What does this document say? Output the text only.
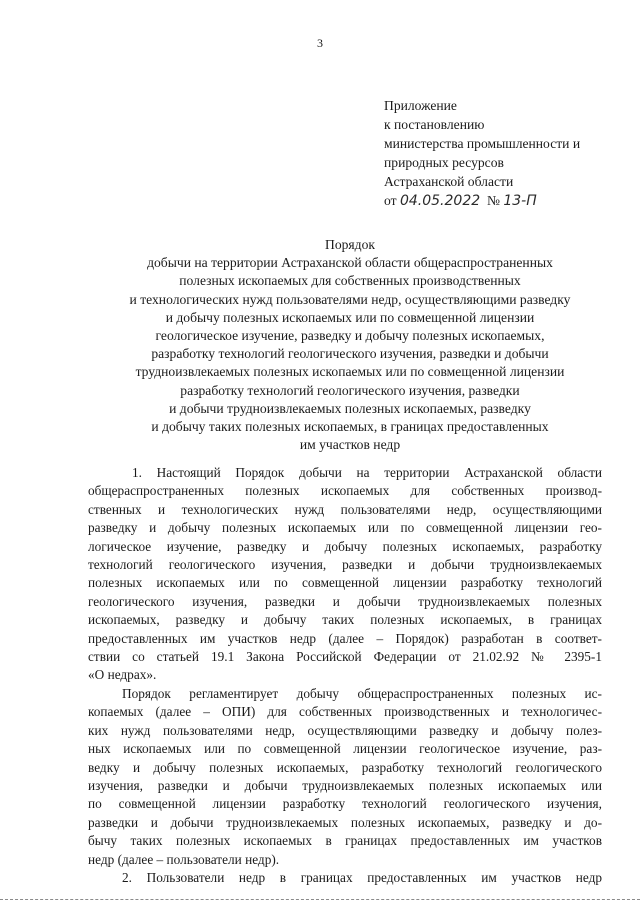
3
Приложение
к постановлению
министерства промышленности и
природных ресурсов
Астраханской области
от 04.05.2022 № 13-П
Порядок
добычи на территории Астраханской области общераспространенных
полезных ископаемых для собственных производственных
и технологических нужд пользователями недр, осуществляющими разведку
и добычу полезных ископаемых или по совмещенной лицензии
геологическое изучение, разведку и добычу полезных ископаемых,
разработку технологий геологического изучения, разведки и добычи
трудноизвлекаемых полезных ископаемых или по совмещенной лицензии
разработку технологий геологического изучения, разведки
и добычи трудноизвлекаемых полезных ископаемых, разведку
и добычу таких полезных ископаемых, в границах предоставленных
им участков недр
1. Настоящий Порядок добычи на территории Астраханской области
общераспространенных полезных ископаемых для собственных производ-
ственных и технологических нужд пользователями недр, осуществляющими
разведку и добычу полезных ископаемых или по совмещенной лицензии гео-
логическое изучение, разведку и добычу полезных ископаемых, разработку
технологий геологического изучения, разведки и добычи трудноизвлекаемых
полезных ископаемых или по совмещенной лицензии разработку технологий
геологического изучения, разведки и добычи трудноизвлекаемых полезных
ископаемых, разведку и добычу таких полезных ископаемых, в границах
предоставленных им участков недр (далее – Порядок) разработан в соответ-
ствии со статьей 19.1 Закона Российской Федерации от 21.02.92 № 2395-1
«О недрах».
Порядок регламентирует добычу общераспространенных полезных ис-
копаемых (далее – ОПИ) для собственных производственных и технологичес-
ких нужд пользователями недр, осуществляющими разведку и добычу полез-
ных ископаемых или по совмещенной лицензии геологическое изучение, раз-
ведку и добычу полезных ископаемых, разработку технологий геологического
изучения, разведки и добычи трудноизвлекаемых полезных ископаемых или
по совмещенной лицензии разработку технологий геологического изучения,
разведки и добычи трудноизвлекаемых полезных ископаемых, разведку и до-
бычу таких полезных ископаемых в границах предоставленных им участков
недр (далее – пользователи недр).
2. Пользователи недр в границах предоставленных им участков недр
